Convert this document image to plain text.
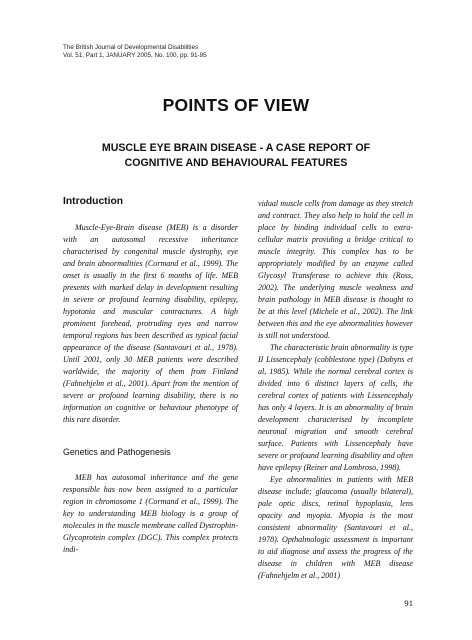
The British Journal of Developmental Disabilities
Vol. 51, Part 1, JANUARY 2005, No. 100, pp. 91-95
POINTS OF VIEW
MUSCLE EYE BRAIN DISEASE - A CASE REPORT OF
COGNITIVE AND BEHAVIOURAL FEATURES
Introduction

Muscle-Eye-Brain disease (MEB) is a disorder with an autosomal recessive inheritance characterised by congenital muscle dystrophy, eye and brain abnormalities (Cormand et al., 1999). The onset is usually in the first 6 months of life. MEB presents with marked delay in development resulting in severe or profound learning disability, epilepsy, hypotonia and muscular contractures. A high prominent forehead, protruding eyes and narrow temporal regions has been described as typical facial appearance of the disease (Santavouri et al., 1978). Until 2001, only 30 MEB patients were described worldwide, the majority of them from Finland (Fahnehjelm et al., 2001). Apart from the mention of severe or profound learning disability, there is no information on cognitive or behaviour phenotype of this rare disorder.

Genetics and Pathogenesis

MEB has autosomal inheritance and the gene responsible has now been assigned to a particular region in chromosome 1 (Cormand et al., 1999). The key to understanding MEB biology is a group of molecules in the muscle membrane called Dystrophin-Glycoprotein complex (DGC). This complex protects indi-

vidual muscle cells from damage as they stretch and contract. They also help to hold the cell in place by binding individual cells to extra-cellular matrix providing a bridge critical to muscle integrity. This complex has to be appropriately modified by an enzyme called Glycosyl Transferase to achieve this (Ross, 2002). The underlying muscle weakness and brain pathology in MEB disease is thought to be at this level (Michele et al., 2002). The link between this and the eye abnormalities however is still not understood.

The characteristic brain abnormality is type II Lissencephaly (cobblestone type) (Dobyns et al, 1985). While the normal cerebral cortex is divided into 6 distinct layers of cells, the cerebral cortex of patients with Lissencephaly has only 4 layers. It is an abnormality of brain development characterised by incomplete neuronal migration and smooth cerebral surface. Patients with Lissencephaly have severe or profound learning disability and often have epilepsy (Reiner and Lombroso, 1998).

Eye abnormalities in patients with MEB disease include; glaucoma (usually bilateral), pale optic discs, retinal hypoplasia, lens opacity and myopia. Myopia is the most consistent abnormality (Santavouri et al., 1978). Opthalmologic assessment is important to aid diagnose and assess the progress of the disease in children with MEB disease (Fahnehjelm et al., 2001)

91
